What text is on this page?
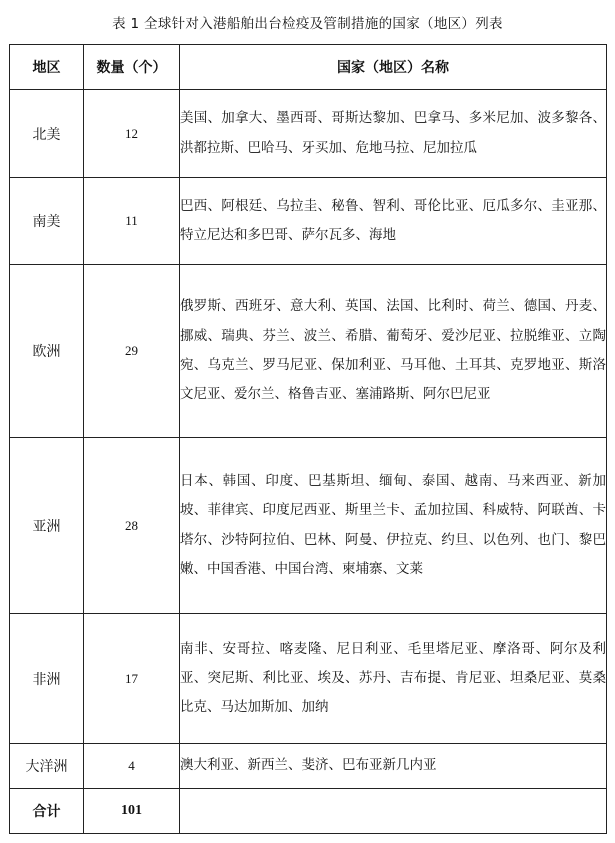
表 1 全球针对入港船舶出台检疫及管制措施的国家（地区）列表
地区	数量（个）	国家（地区）名称
北美	12	美国、加拿大、墨西哥、哥斯达黎加、巴拿马、多米尼加、波多黎各、洪都拉斯、巴哈马、牙买加、危地马拉、尼加拉瓜
南美	11	巴西、阿根廷、乌拉圭、秘鲁、智利、哥伦比亚、厄瓜多尔、圭亚那、特立尼达和多巴哥、萨尔瓦多、海地
欧洲	29	俄罗斯、西班牙、意大利、英国、法国、比利时、荷兰、德国、丹麦、挪威、瑞典、芬兰、波兰、希腊、葡萄牙、爱沙尼亚、拉脱维亚、立陶宛、乌克兰、罗马尼亚、保加利亚、马耳他、土耳其、克罗地亚、斯洛文尼亚、爱尔兰、格鲁吉亚、塞浦路斯、阿尔巴尼亚
亚洲	28	日本、韩国、印度、巴基斯坦、缅甸、泰国、越南、马来西亚、新加坡、菲律宾、印度尼西亚、斯里兰卡、孟加拉国、科威特、阿联酋、卡塔尔、沙特阿拉伯、巴林、阿曼、伊拉克、约旦、以色列、也门、黎巴嫩、中国香港、中国台湾、柬埔寨、文莱
非洲	17	南非、安哥拉、喀麦隆、尼日利亚、毛里塔尼亚、摩洛哥、阿尔及利亚、突尼斯、利比亚、埃及、苏丹、吉布提、肯尼亚、坦桑尼亚、莫桑比克、马达加斯加、加纳
大洋洲	4	澳大利亚、新西兰、斐济、巴布亚新几内亚
合计	101	
